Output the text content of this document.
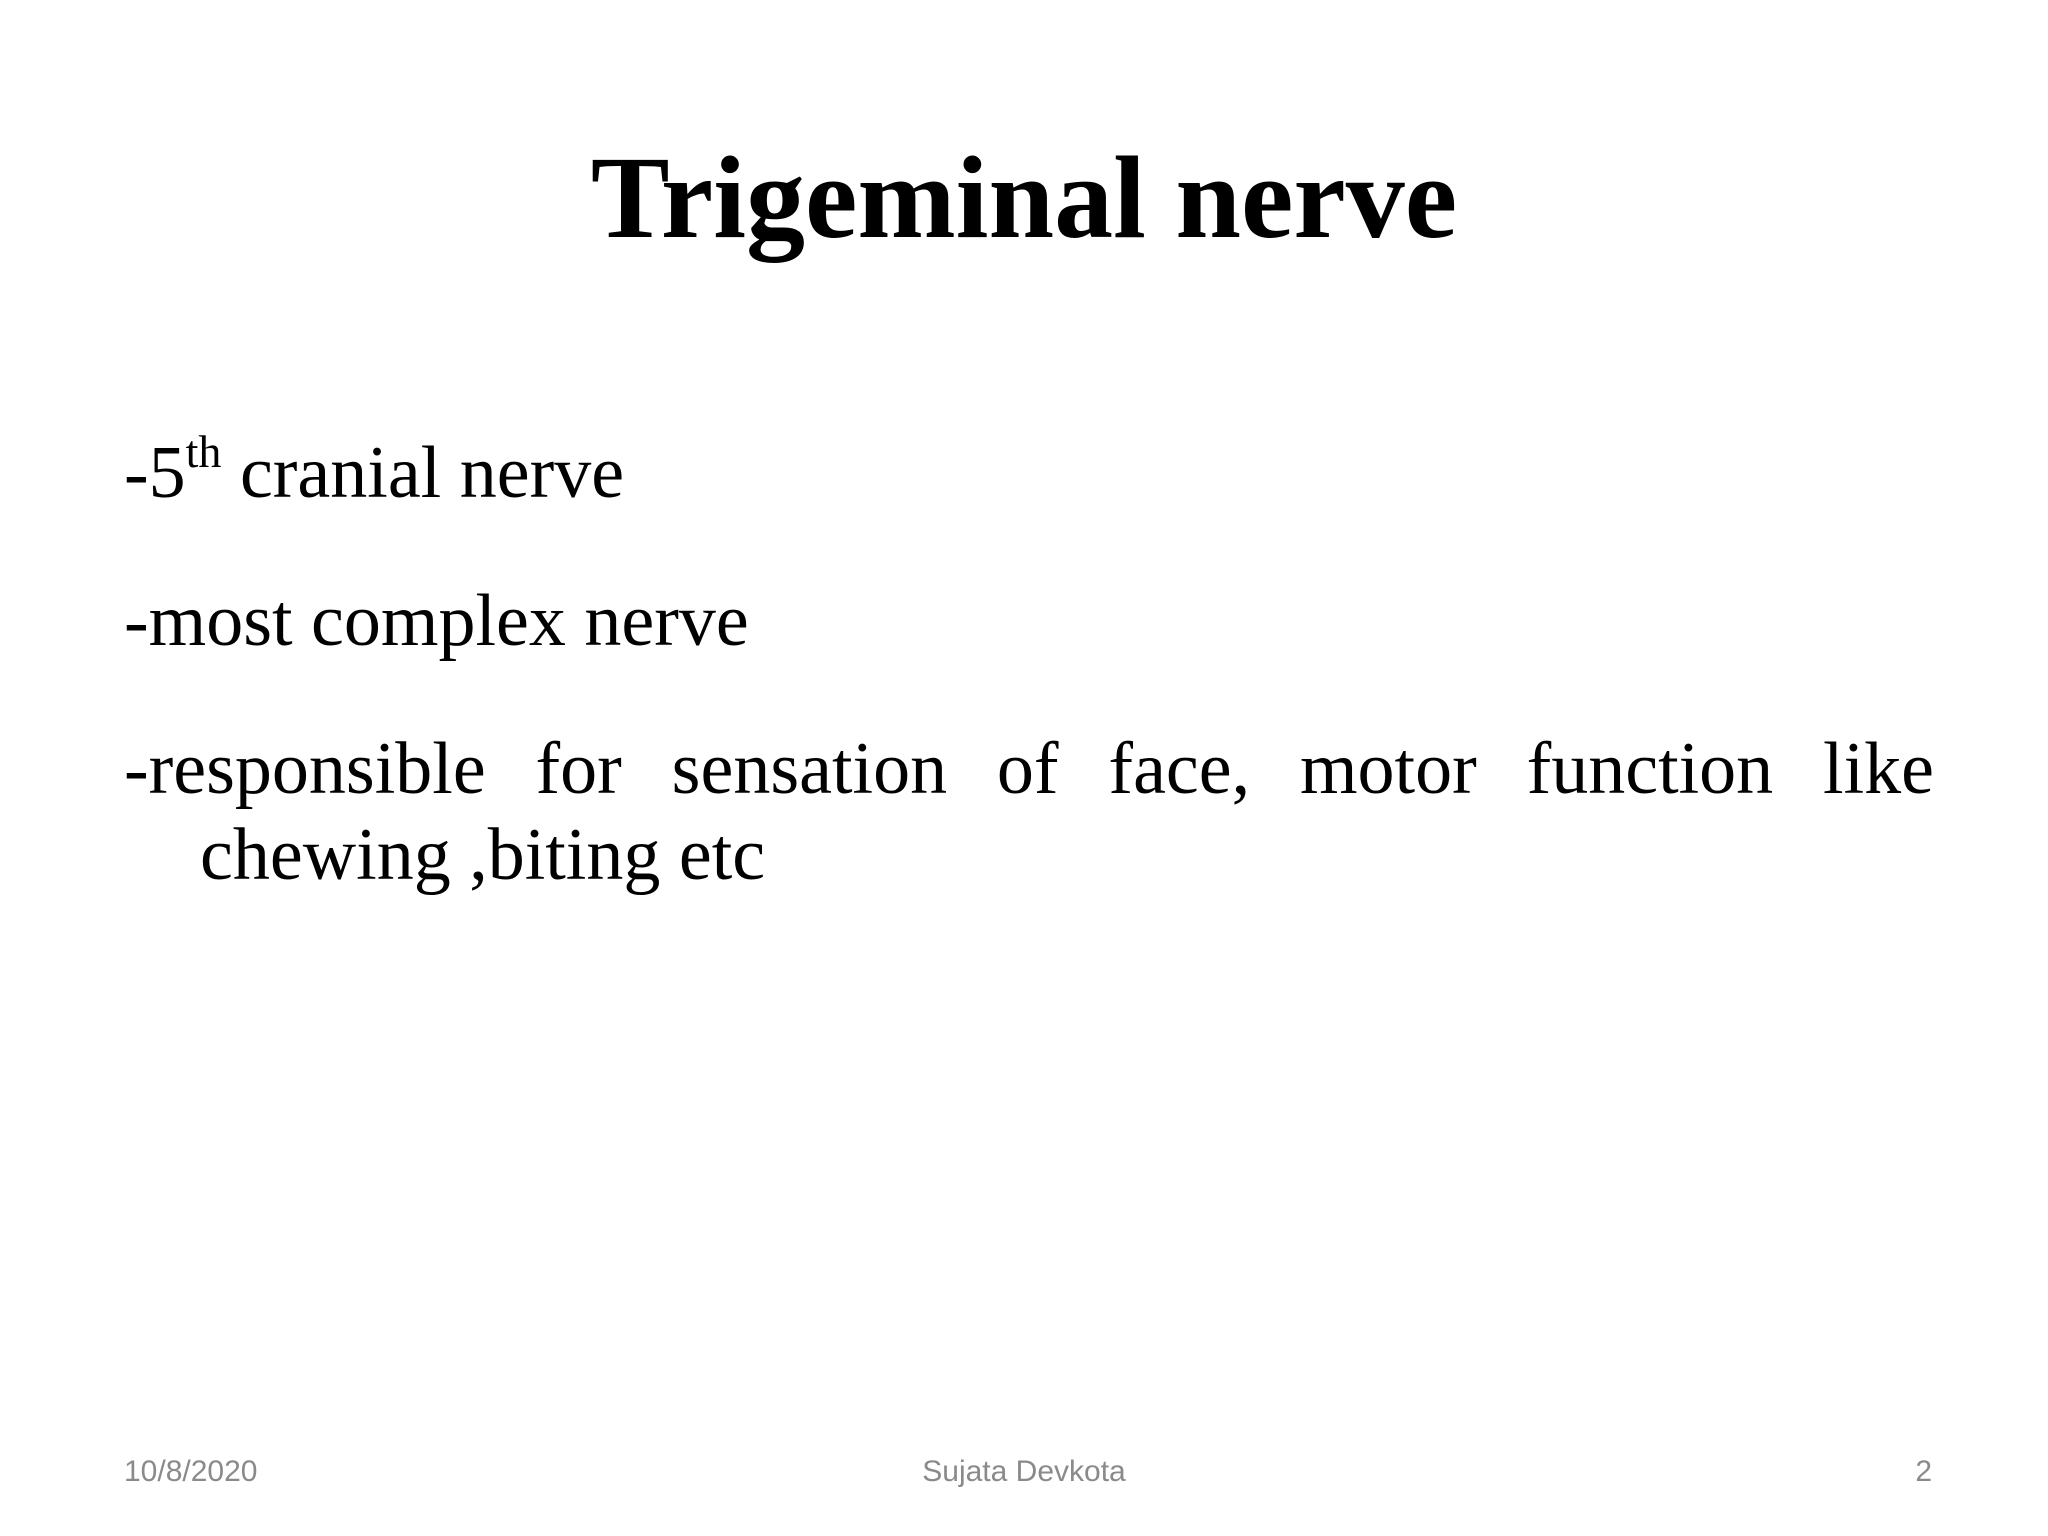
Trigeminal nerve
-5th cranial nerve
-most complex nerve
-responsible for sensation of face, motor function like chewing ,biting etc
10/8/2020	Sujata Devkota	2
